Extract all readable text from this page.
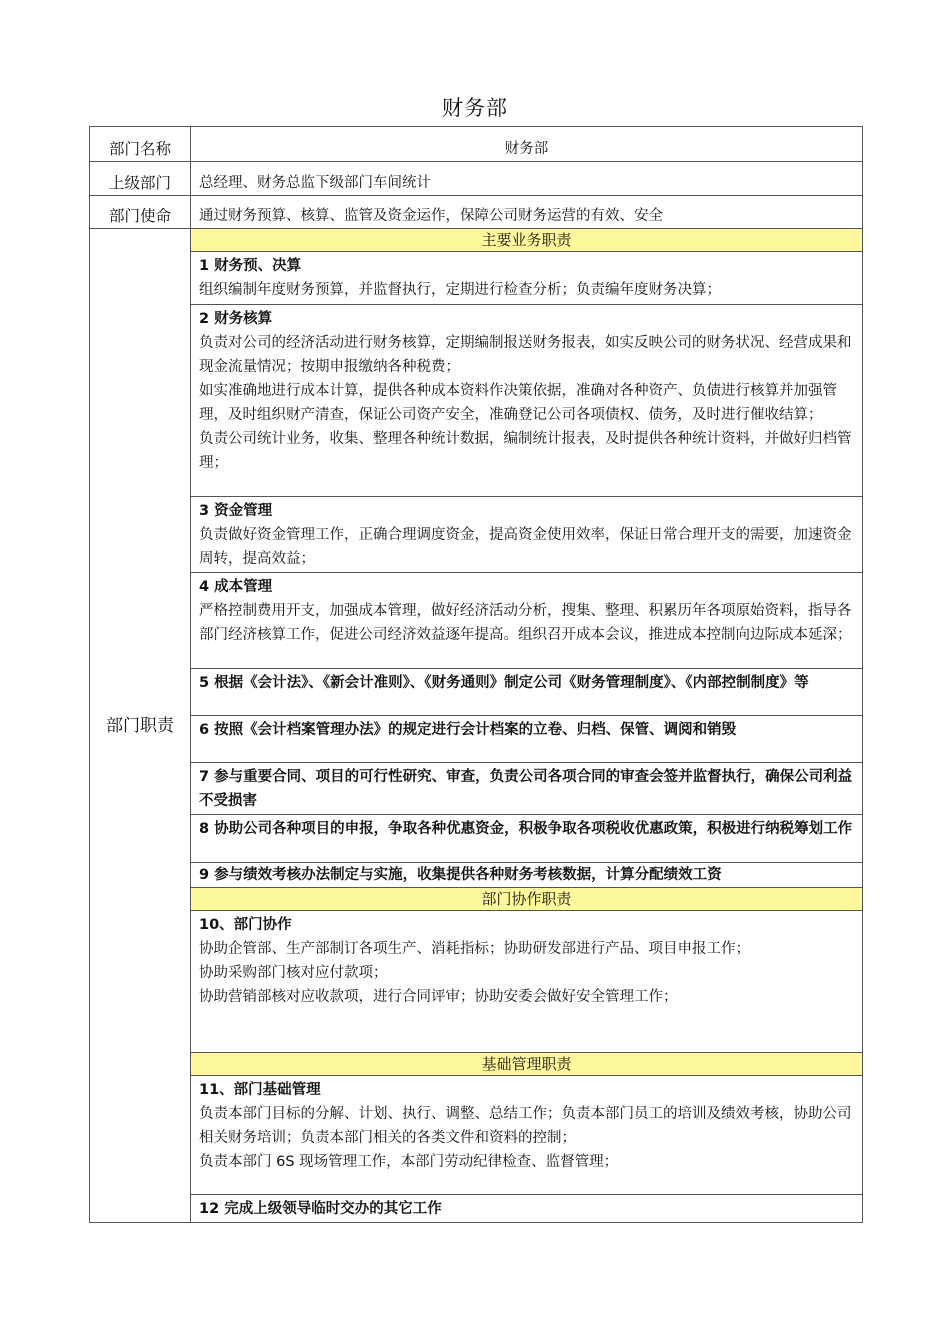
财务部
部门名称	财务部
上级部门	总经理、财务总监下级部门车间统计
部门使命	通过财务预算、核算、监管及资金运作，保障公司财务运营的有效、安全
部门职责	主要业务职责

	1 财务预、决算
组织编制年度财务预算，并监督执行，定期进行检查分析；负责编年度财务决算；

	2 财务核算
负责对公司的经济活动进行财务核算，定期编制报送财务报表，如实反映公司的财务状况、经营成果和现金流量情况；按期申报缴纳各种税费；
如实准确地进行成本计算，提供各种成本资料作决策依据，准确对各种资产、负债进行核算并加强管理，及时组织财产清查，保证公司资产安全，准确登记公司各项债权、债务，及时进行催收结算；
负责公司统计业务，收集、整理各种统计数据，编制统计报表，及时提供各种统计资料，并做好归档管理；

	3 资金管理
负责做好资金管理工作，正确合理调度资金，提高资金使用效率，保证日常合理开支的需要，加速资金周转，提高效益；

	4 成本管理
严格控制费用开支，加强成本管理，做好经济活动分析，搜集、整理、积累历年各项原始资料，指导各部门经济核算工作，促进公司经济效益逐年提高。组织召开成本会议，推进成本控制向边际成本延深；

	5 根据《会计法》、《新会计准则》、《财务通则》制定公司《财务管理制度》、《内部控制制度》等
	6 按照《会计档案管理办法》的规定进行会计档案的立卷、归档、保管、调阅和销毁
	7 参与重要合同、项目的可行性研究、审查，负责公司各项合同的审查会签并监督执行，确保公司利益不受损害
	8 协助公司各种项目的申报，争取各种优惠资金，积极争取各项税收优惠政策，积极进行纳税筹划工作
	9 参与绩效考核办法制定与实施，收集提供各种财务考核数据，计算分配绩效工资
	部门协作职责

	10、部门协作
协助企管部、生产部制订各项生产、消耗指标；协助研发部进行产品、项目申报工作；
协助采购部门核对应付款项；
协助营销部核对应收款项，进行合同评审；协助安委会做好安全管理工作；

	基础管理职责

	11、部门基础管理
负责本部门目标的分解、计划、执行、调整、总结工作；负责本部门员工的培训及绩效考核，协助公司相关财务培训；负责本部门相关的各类文件和资料的控制；
负责本部门 6S 现场管理工作，本部门劳动纪律检查、监督管理；

	12 完成上级领导临时交办的其它工作
